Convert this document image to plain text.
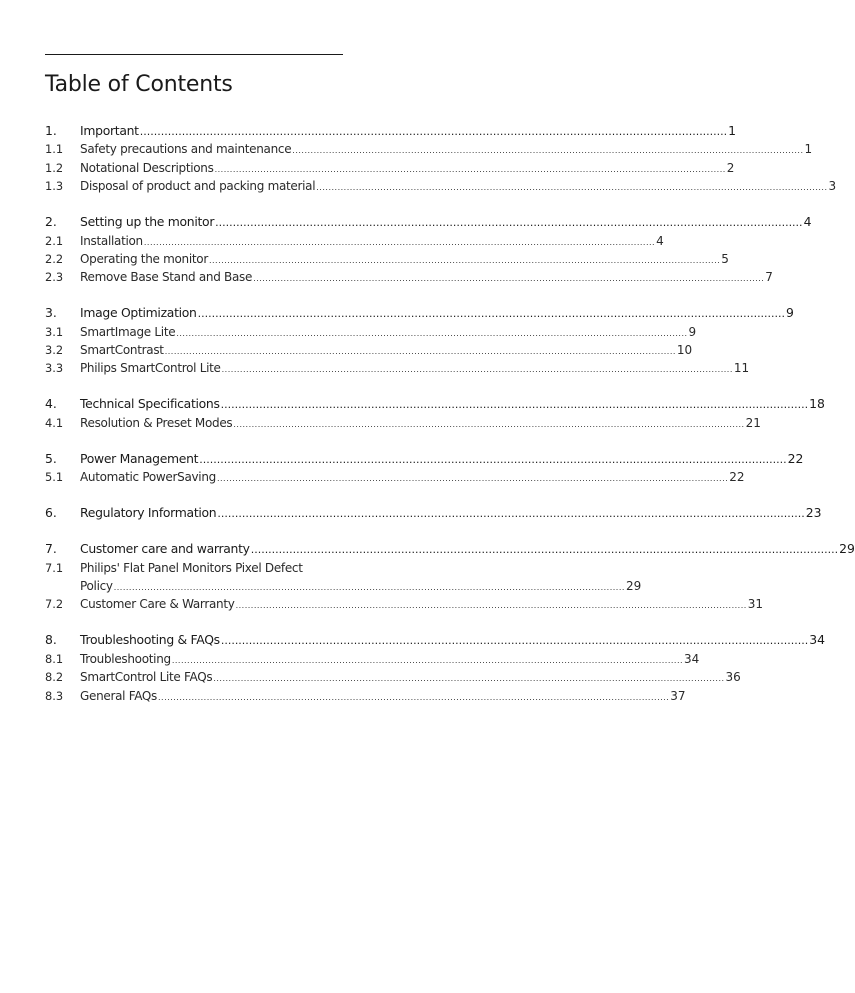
Table of Contents
1.	Important .....	1
1.1	Safety precautions and maintenance .....	1
1.2	Notational Descriptions .....	2
1.3	Disposal of product and packing material .....	3
2.	Setting up the monitor .....	4
2.1	Installation .....	4
2.2	Operating the monitor .....	5
2.3	Remove Base Stand and Base .....	7
3.	Image Optimization .....	9
3.1	SmartImage Lite .....	9
3.2	SmartContrast .....	10
3.3	Philips SmartControl Lite .....	11
4.	Technical Specifications .....	18
4.1	Resolution & Preset Modes .....	21
5.	Power Management .....	22
5.1	Automatic PowerSaving .....	22
6.	Regulatory Information .....	23
7.	Customer care and warranty .....	29
7.1	Philips' Flat Panel Monitors Pixel Defect
Policy .....	29
7.2	Customer Care & Warranty .....	31
8.	Troubleshooting & FAQs .....	34
8.1	Troubleshooting .....	34
8.2	SmartControl Lite FAQs .....	36
8.3	General FAQs .....	37
